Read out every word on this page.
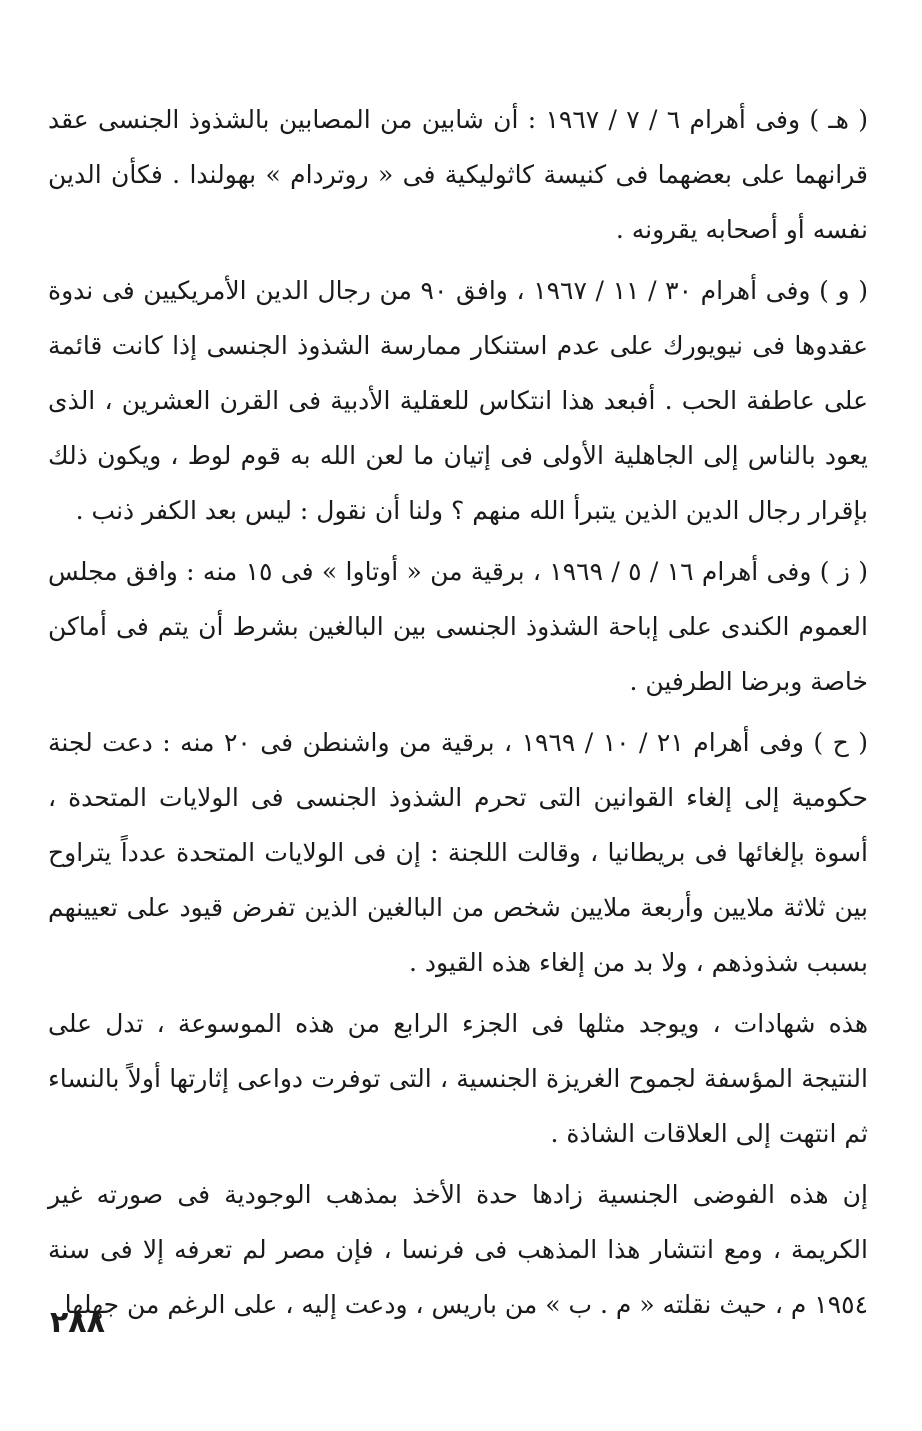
( هـ ) وفى أهرام ٦ / ٧ / ١٩٦٧ : أن شابين من المصابين بالشذوذ الجنسى عقد قرانهما على بعضهما فى كنيسة كاثوليكية فى « روتردام » بهولندا . فكأن الدين نفسه أو أصحابه يقرونه .

( و ) وفى أهرام ٣٠ / ١١ / ١٩٦٧ ، وافق ٩٠ من رجال الدين الأمريكيين فى ندوة عقدوها فى نيويورك على عدم استنكار ممارسة الشذوذ الجنسى إذا كانت قائمة على عاطفة الحب . أفبعد هذا انتكاس للعقلية الأدبية فى القرن العشرين ، الذى يعود بالناس إلى الجاهلية الأولى فى إتيان ما لعن الله به قوم لوط ، ويكون ذلك بإقرار رجال الدين الذين يتبرأ الله منهم ؟ ولنا أن نقول : ليس بعد الكفر ذنب .

( ز ) وفى أهرام ١٦ / ٥ / ١٩٦٩ ، برقية من « أوتاوا » فى ١٥ منه : وافق مجلس العموم الكندى على إباحة الشذوذ الجنسى بين البالغين بشرط أن يتم فى أماكن خاصة وبرضا الطرفين .

( ح ) وفى أهرام ٢١ / ١٠ / ١٩٦٩ ، برقية من واشنطن فى ٢٠ منه : دعت لجنة حكومية إلى إلغاء القوانين التى تحرم الشذوذ الجنسى فى الولايات المتحدة ، أسوة بإلغائها فى بريطانيا ، وقالت اللجنة : إن فى الولايات المتحدة عدداً يتراوح بين ثلاثة ملايين وأربعة ملايين شخص من البالغين الذين تفرض قيود على تعيينهم بسبب شذوذهم ، ولا بد من إلغاء هذه القيود .

هذه شهادات ، ويوجد مثلها فى الجزء الرابع من هذه الموسوعة ، تدل على النتيجة المؤسفة لجموح الغريزة الجنسية ، التى توفرت دواعى إثارتها أولاً بالنساء ثم انتهت إلى العلاقات الشاذة .

إن هذه الفوضى الجنسية زادها حدة الأخذ بمذهب الوجودية فى صورته غير الكريمة ، ومع انتشار هذا المذهب فى فرنسا ، فإن مصر لم تعرفه إلا فى سنة ١٩٥٤ م ، حيث نقلته « م . ب » من باريس ، ودعت إليه ، على الرغم من جهلها

٢٨٨
